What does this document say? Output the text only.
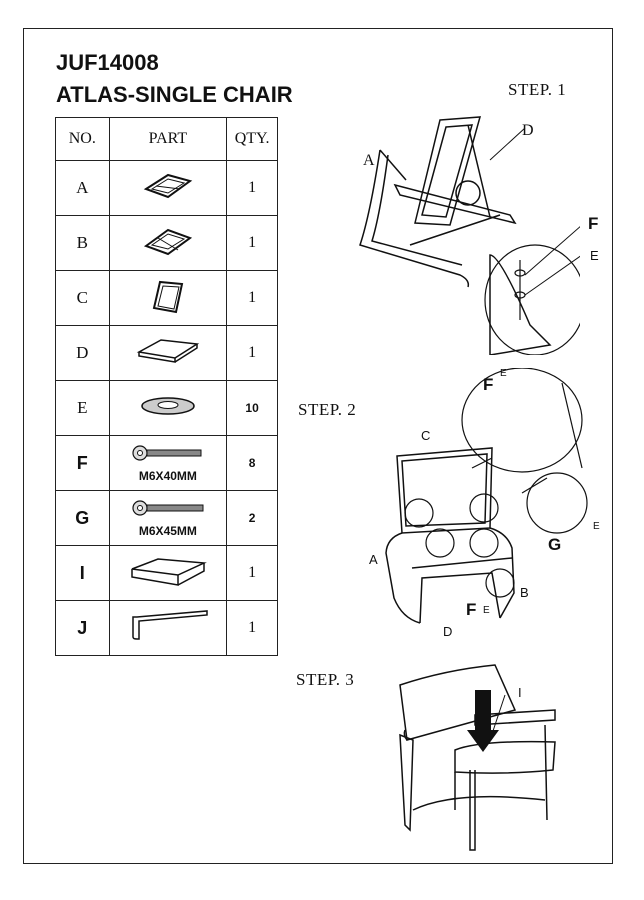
JUF14008
ATLAS-SINGLE CHAIR
NO.	PART	QTY.
A		1
B		1
C		1
D		1
E		10
F	M6X40MM	8
G	M6X45MM	2
I		1
J		1
STEP. 1
A
D
F
E
STEP. 2
F
E
C
A
B
D
G
E
F E
STEP. 3
I
